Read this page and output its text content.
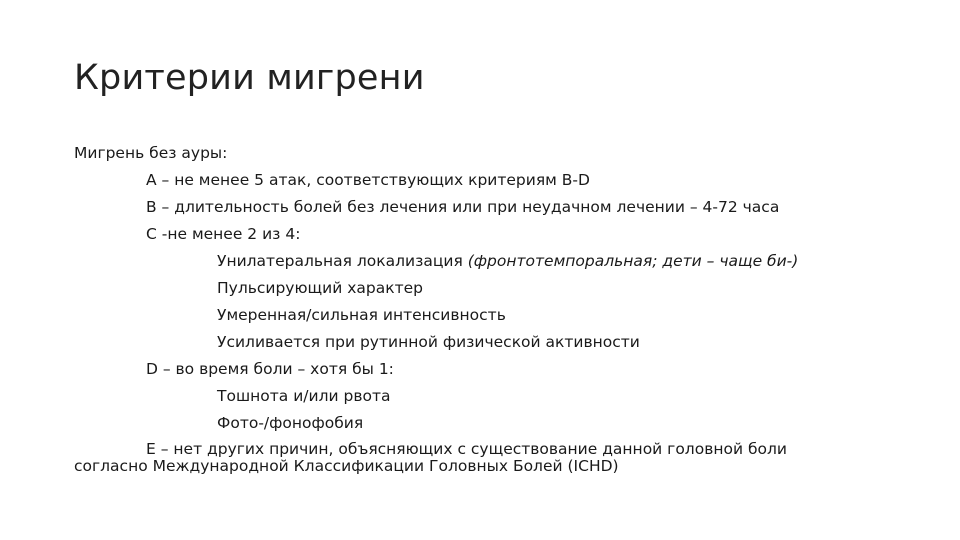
Критерии мигрени
Мигрень без ауры:
А – не менее 5 атак, соответствующих критериям B-D
B – длительность болей без лечения или при неудачном лечении – 4-72 часа
С -не менее 2 из 4:
Унилатеральная локализация (фронтотемпоральная; дети – чаще би-)
Пульсирующий характер
Умеренная/сильная интенсивность
Усиливается при рутинной физической активности
D – во время боли – хотя бы 1:
Тошнота и/или рвота
Фото-/фонофобия
Е – нет других причин, объясняющих с существование данной головной боли
согласно Международной Классификации Головных Болей (ICHD)
